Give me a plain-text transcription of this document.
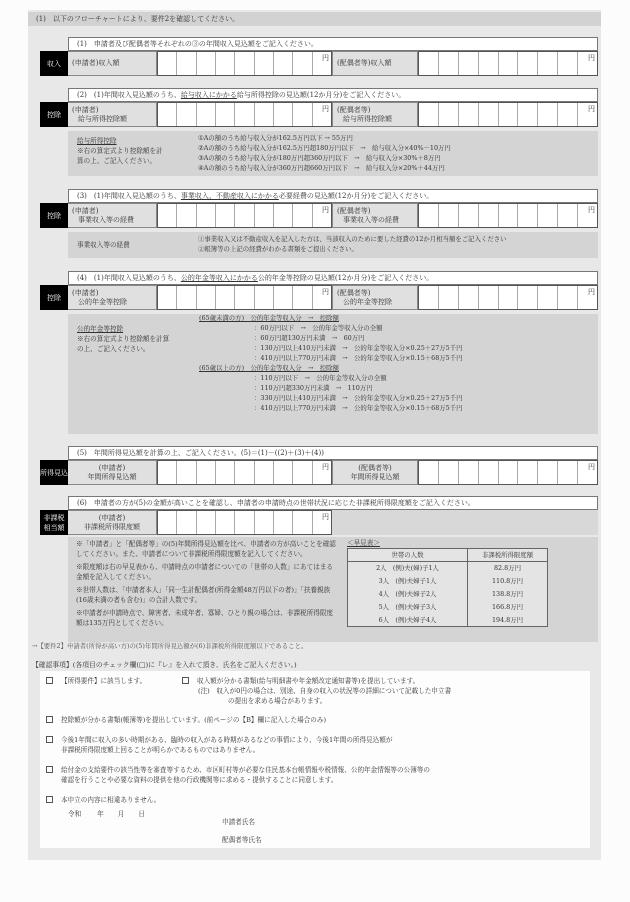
(1)　以下のフローチャートにより、要件2を確認してください。
(1)　申請者及び配偶者等それぞれの③の年間収入見込額をご記入ください。
収入	(申請者)収入額
円
(配偶者等)収入額
円
(2)　(1)年間収入見込額のうち、給与収入にかかる給与所得控除の見込額(12か月分)をご記入ください。
控除
(申請者)
給与所得控除額
円 (配偶者等)
給与所得控除額
円
給与所得控除
※右の算定式より控除額を計算の上、ご記入ください。
①Aの額のうち給与収入分が162.5万円以下 → 55万円
②Aの額のうち給与収入分が162.5万円超180万円以下　→　給与収入分×40%－10万円
③Aの額のうち給与収入分が180万円超360万円以下　→　給与収入分×30%＋8万円
④Aの額のうち給与収入分が360万円超660万円以下　→　給与収入分×20%＋44万円
(3)　(1)年間収入見込額のうち、事業収入、不動産収入にかかる必要経費の見込額(12か月分)をご記入ください。
控除
(申請者)
事業収入等の経費
円 (配偶者等)
事業収入等の経費
円
事業収入等の経費
①事業収入又は不動産収入を記入した方は、当該収入のために要した経費の12か月相当額をご記入ください
②帳簿等の上記の経費がわかる書類をご提出ください。
(4)　(1)年間収入見込額のうち、公的年金等収入にかかる公的年金等控除の見込額(12か月分)をご記入ください。
控除
(申請者)
公的年金等控除
円 (配偶者等)
公的年金等控除
円
公的年金等控除
※右の算定式より控除額を計算
の上、ご記入ください。
(65歳未満の方)　公的年金等収入分　→　控除額
：60万円以下　→　公的年金等収入分の全額
：60万円超130万円未満　→　60万円
：130万円以上410万円未満　→　公的年金等収入分×0.25＋27万5千円
：410万円以上770万円未満　→　公的年金等収入分×0.15＋68万5千円
(65歳以上の方)　公的年金等収入分　→　控除額
：110万円以下　→　公的年金等収入分の全額
：110万円超330万円未満　→　110万円
：330万円以上410万円未満　→　公的年金等収入分×0.25＋27万5千円
：410万円以上770万円未満　→　公的年金等収入分×0.15＋68万5千円
(5)　年間所得見込額を計算の上、ご記入ください。(5)＝(1)－((2)＋(3)＋(4))
所得見込
(申請者)
年間所得見込額
円	(配偶者等)
年間所得見込額
円
(6)　申請者の方が(5)の金額が高いことを確認し、申請者の申請時点の世帯状況に応じた非課税所得限度額をご記入ください。
非課税
相当額
(申請者)
非課税所得限度額
円

※「申請者」と「配偶者等」の(5)年間所得見込額を比べ、申請者の方が高いことを確認してください。また、申請者について非課税所得限度額を記入してください。

※限度額は右の早見表から、申請時点の申請者についての「世帯の人数」にあてはまる金額を記入してください。

※世帯人数は、「申請者本人」「同一生計配偶者(所得金額48万円以下の者)」「扶養親族(16歳未満の者も含む)」の合計人数です。

※申請者が申請時点で、障害者、未成年者、寡婦、ひとり親の場合は、非課税所得限度額は135万円としてください。

＜早見表＞
世帯の人数	非課税所得限度額
2人　(例)夫(婦)子1人	82.8万円
3人　(例)夫婦子1人	110.8万円
4人　(例)夫婦子2人	138.8万円
5人　(例)夫婦子3人	166.8万円
6人　(例)夫婦子4人	194.8万円
→【要件2】申請者(所得が高い方)の(5)年間所得見込額が(6)非課税所得限度額以下であること。
【確認事項】(各項目のチェック欄(□)に『レ』を入れて頂き、氏名をご記入ください。)
【所得要件】に該当します。	収入額が分かる書類(給与明細書や年金額改定通知書等)を提出しています。
(注)　 収入が0円の場合は、別途、自身の収入の状況等の詳細について記載した申立書
の提出を求める場合があります。
控除額が分かる書類(帳簿等)を提出しています。(前ページの【B】欄に記入した場合のみ)
今後1年間に収入の多い時期がある、臨時の収入がある時期があるなどの事情により、今後1年間の所得見込額が
非課税所得限度額上回ることが明らかであるものではありません。
給付金の支給要件の該当性等を審査等するため、市区町村等が必要な住民基本台帳情報や税情報、公的年金情報等の公簿等の
確認を行うことや必要な資料の提供を他の行政機関等に求める・提供することに同意します。
本申立の内容に相違ありません。
令和 年 月 日
申請者氏名
配偶者等氏名
